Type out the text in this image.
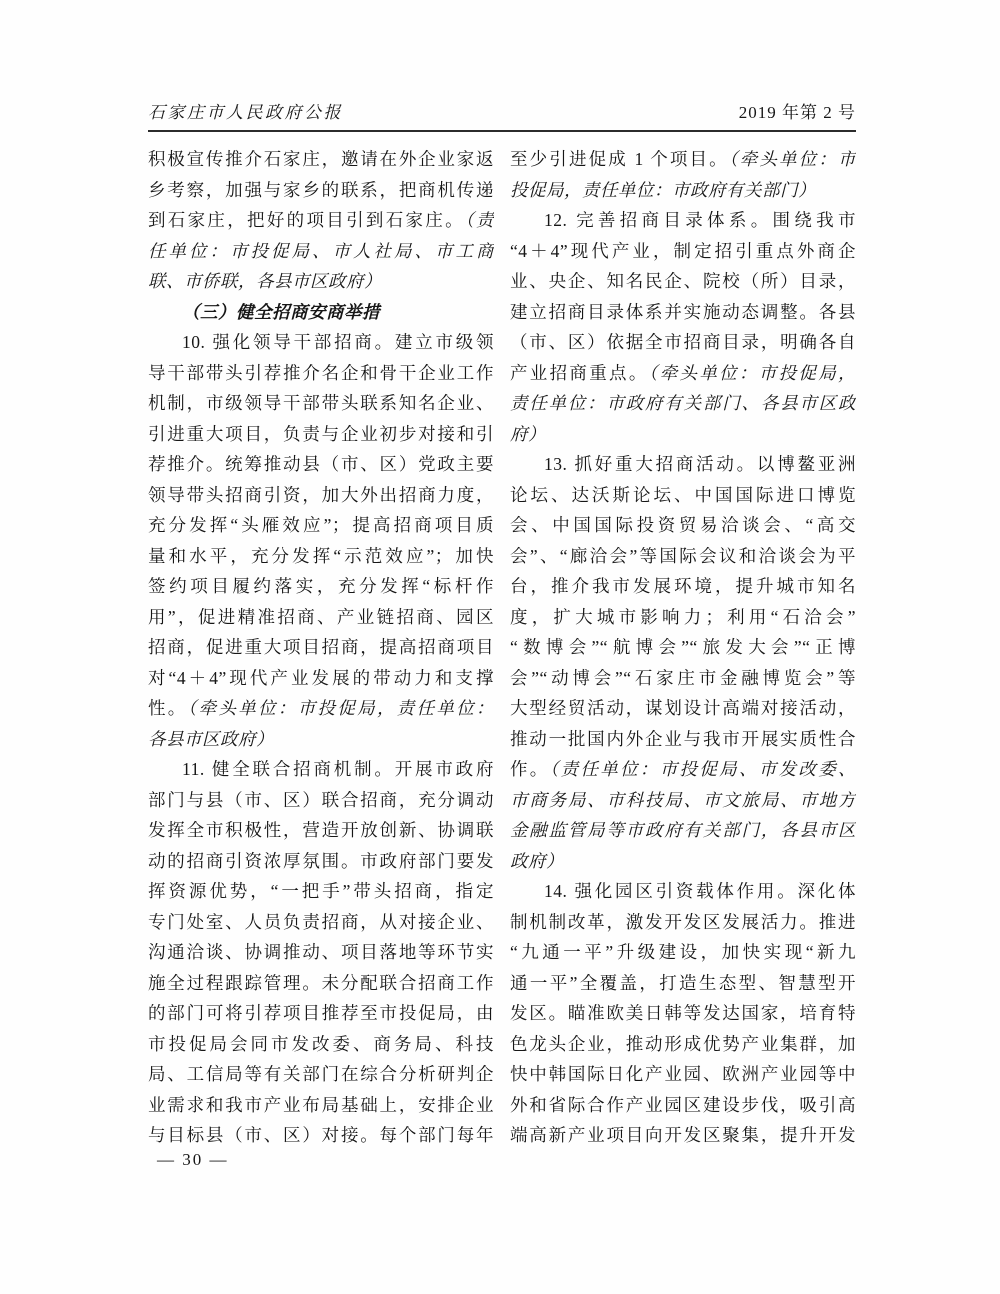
石家庄市人民政府公报	2019 年第 2 号
积极宣传推介石家庄，邀请在外企业家返
乡考察，加强与家乡的联系，把商机传递
到石家庄，把好的项目引到石家庄。（责
任单位：市投促局、市人社局、市工商
联、市侨联，各县市区政府）
（三）健全招商安商举措
10. 强化领导干部招商。建立市级领
导干部带头引荐推介名企和骨干企业工作
机制，市级领导干部带头联系知名企业、
引进重大项目，负责与企业初步对接和引
荐推介。统筹推动县（市、区）党政主要
领导带头招商引资，加大外出招商力度，
充分发挥“头雁效应”；提高招商项目质
量和水平，充分发挥“示范效应”；加快
签约项目履约落实，充分发挥“标杆作
用”，促进精准招商、产业链招商、园区
招商，促进重大项目招商，提高招商项目
对“4＋4”现代产业发展的带动力和支撑
性。（牵头单位：市投促局，责任单位：
各县市区政府）
11. 健全联合招商机制。开展市政府
部门与县（市、区）联合招商，充分调动
发挥全市积极性，营造开放创新、协调联
动的招商引资浓厚氛围。市政府部门要发
挥资源优势，“一把手”带头招商，指定
专门处室、人员负责招商，从对接企业、
沟通洽谈、协调推动、项目落地等环节实
施全过程跟踪管理。未分配联合招商工作
的部门可将引荐项目推荐至市投促局，由
市投促局会同市发改委、商务局、科技
局、工信局等有关部门在综合分析研判企
业需求和我市产业布局基础上，安排企业
与目标县（市、区）对接。每个部门每年
至少引进促成 1 个项目。（牵头单位：市
投促局，责任单位：市政府有关部门）
12. 完善招商目录体系。围绕我市
“4＋4”现代产业，制定招引重点外商企
业、央企、知名民企、院校（所）目录，
建立招商目录体系并实施动态调整。各县
（市、区）依据全市招商目录，明确各自
产业招商重点。（牵头单位：市投促局，
责任单位：市政府有关部门、各县市区政
府）
13. 抓好重大招商活动。以博鳌亚洲
论坛、达沃斯论坛、中国国际进口博览
会、中国国际投资贸易洽谈会、“高交
会”、“廊洽会”等国际会议和洽谈会为平
台，推介我市发展环境，提升城市知名
度，扩大城市影响力；利用“石洽会”
“数博会”“航博会”“旅发大会”“正博
会”“动博会”“石家庄市金融博览会”等
大型经贸活动，谋划设计高端对接活动，
推动一批国内外企业与我市开展实质性合
作。（责任单位：市投促局、市发改委、
市商务局、市科技局、市文旅局、市地方
金融监管局等市政府有关部门，各县市区
政府）
14. 强化园区引资载体作用。深化体
制机制改革，激发开发区发展活力。推进
“九通一平”升级建设，加快实现“新九
通一平”全覆盖，打造生态型、智慧型开
发区。瞄准欧美日韩等发达国家，培育特
色龙头企业，推动形成优势产业集群，加
快中韩国际日化产业园、欧洲产业园等中
外和省际合作产业园区建设步伐，吸引高
端高新产业项目向开发区聚集，提升开发
— 30 —
